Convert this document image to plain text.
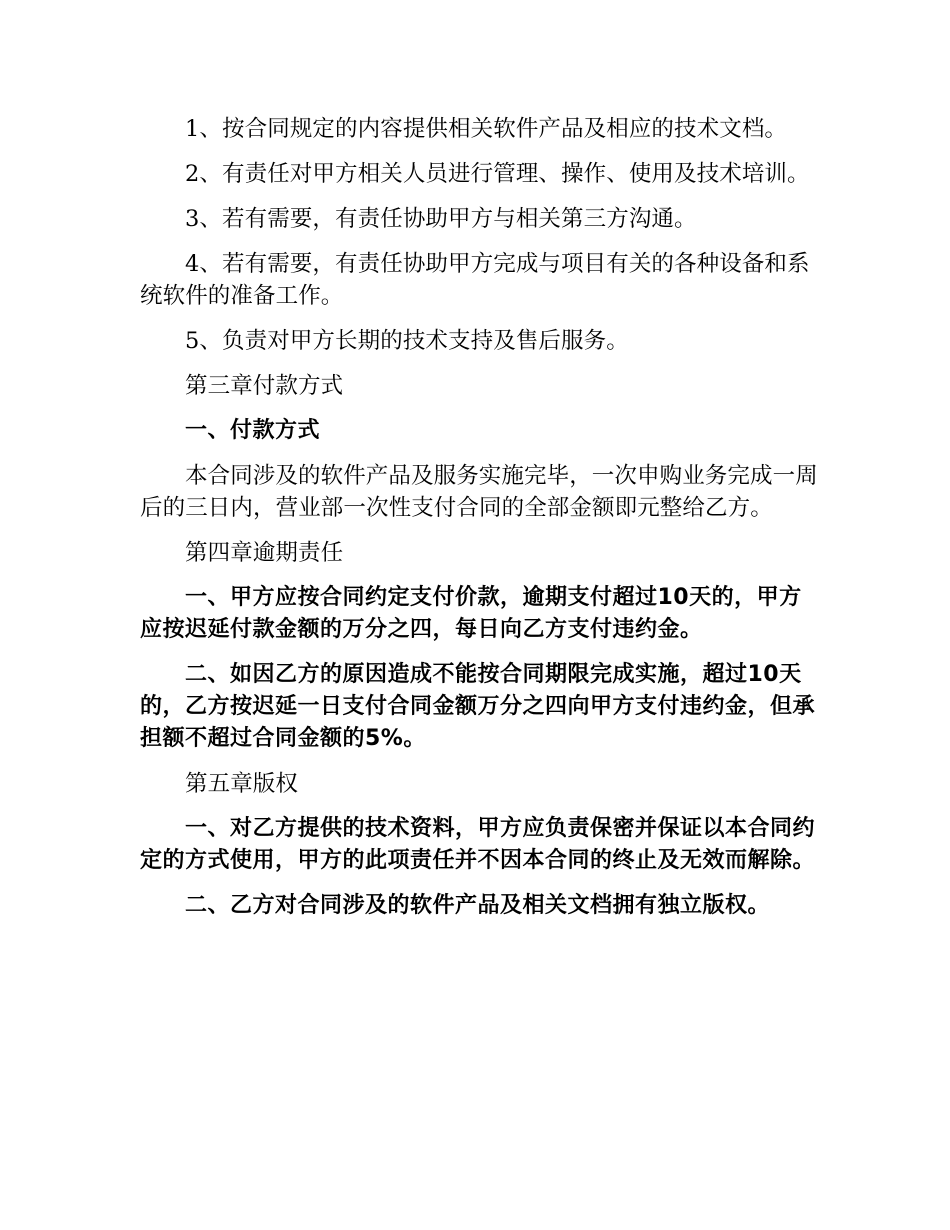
1、按合同规定的内容提供相关软件产品及相应的技术文档。

2、有责任对甲方相关人员进行管理、操作、使用及技术培训。

3、若有需要，有责任协助甲方与相关第三方沟通。

4、若有需要，有责任协助甲方完成与项目有关的各种设备和系统软件的准备工作。

5、负责对甲方长期的技术支持及售后服务。

第三章付款方式

一、付款方式

本合同涉及的软件产品及服务实施完毕，一次申购业务完成一周后的三日内，营业部一次性支付合同的全部金额即元整给乙方。

第四章逾期责任

一、甲方应按合同约定支付价款，逾期支付超过10天的，甲方应按迟延付款金额的万分之四，每日向乙方支付违约金。

二、如因乙方的原因造成不能按合同期限完成实施，超过10天的，乙方按迟延一日支付合同金额万分之四向甲方支付违约金，但承担额不超过合同金额的5%。

第五章版权

一、对乙方提供的技术资料，甲方应负责保密并保证以本合同约定的方式使用，甲方的此项责任并不因本合同的终止及无效而解除。

二、乙方对合同涉及的软件产品及相关文档拥有独立版权。
